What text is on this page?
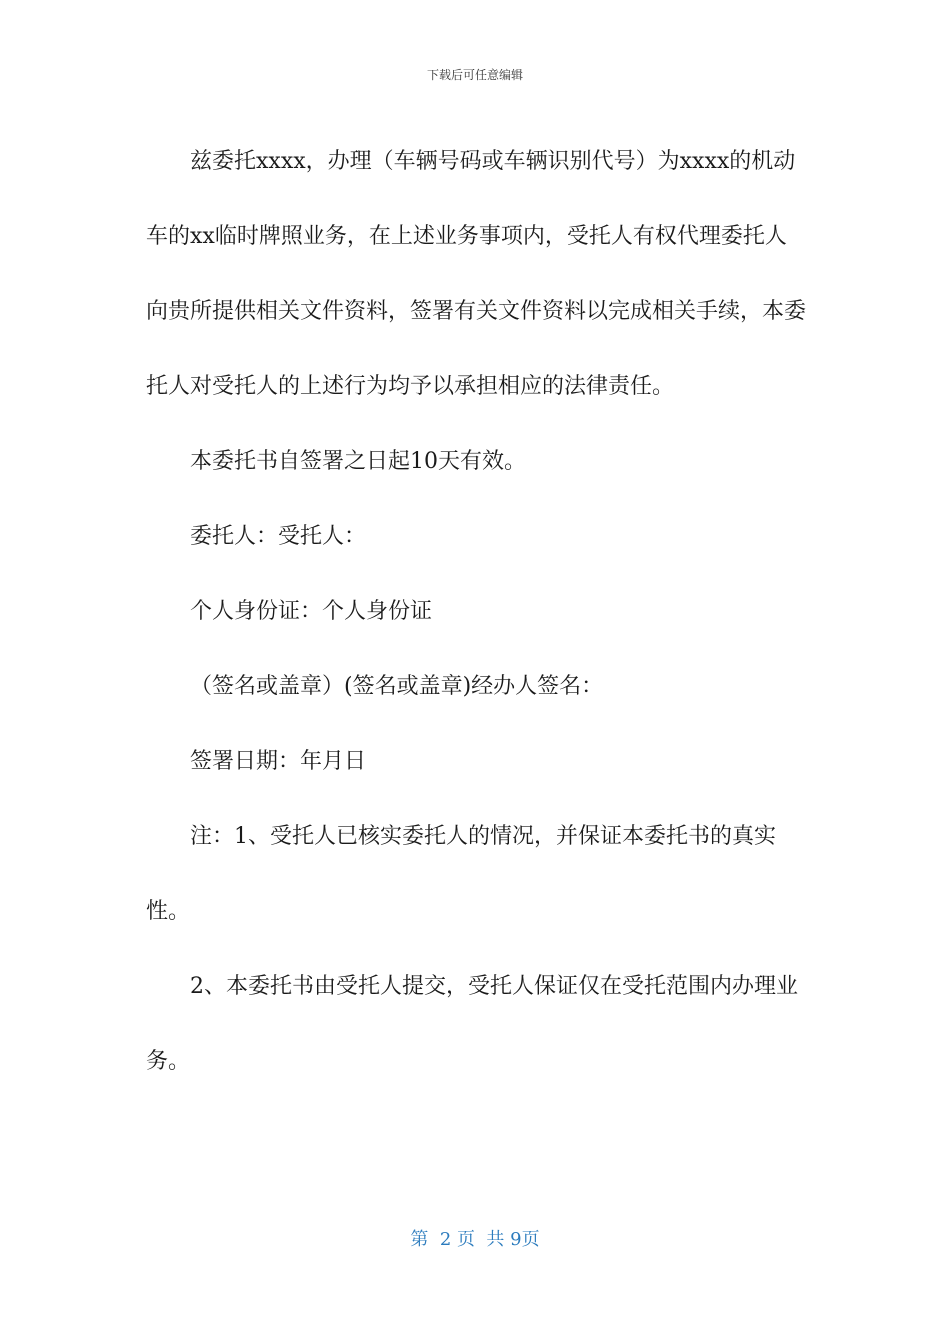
下载后可任意编辑

兹委托xxxx，办理（车辆号码或车辆识别代号）为xxxx的机动车的xx临时牌照业务，在上述业务事项内，受托人有权代理委托人向贵所提供相关文件资料，签署有关文件资料以完成相关手续，本委托人对受托人的上述行为均予以承担相应的法律责任。

本委托书自签署之日起10天有效。

委托人：受托人：

个人身份证：个人身份证

（签名或盖章）(签名或盖章)经办人签名：

签署日期：年月日

注：1、受托人已核实委托人的情况，并保证本委托书的真实性。

2、本委托书由受托人提交，受托人保证仅在受托范围内办理业务。

第  2 页  共 9页
